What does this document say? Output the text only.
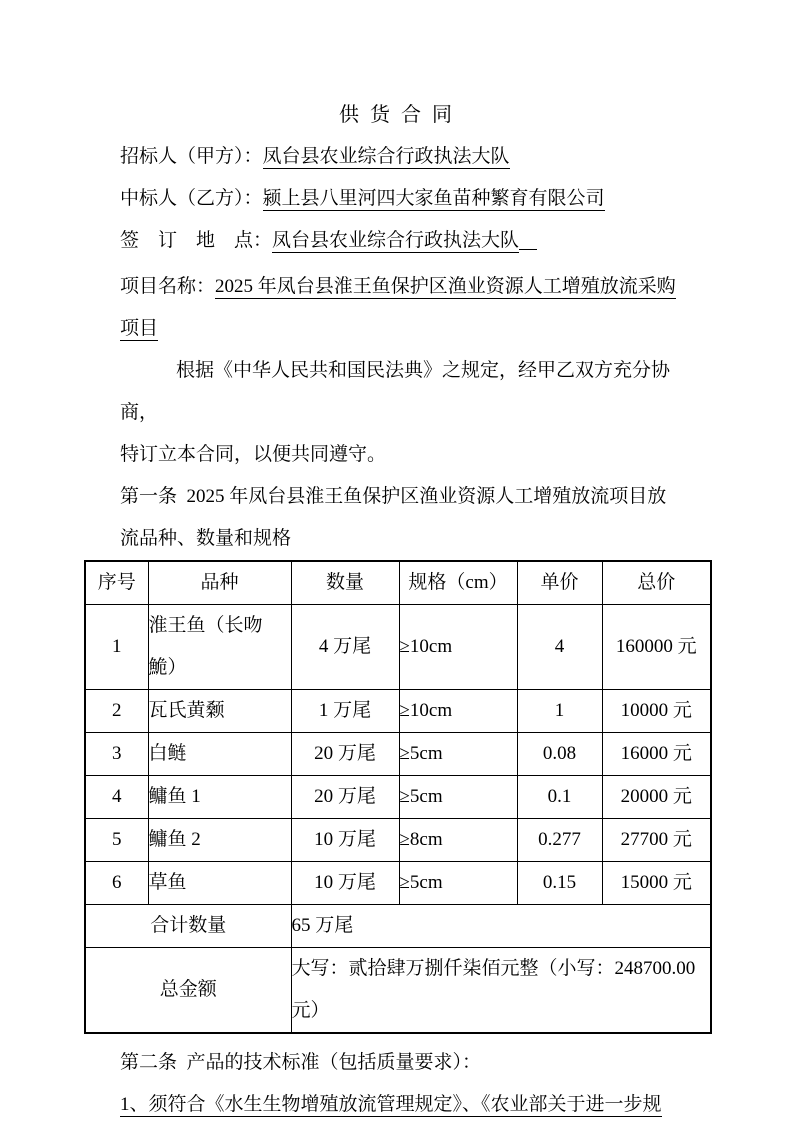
供 货 合 同
招标人（甲方）：凤台县农业综合行政执法大队
中标人（乙方）：颍上县八里河四大家鱼苗种繁育有限公司
签　订　地　点：凤台县农业综合行政执法大队
项目名称：2025 年凤台县淮王鱼保护区渔业资源人工增殖放流采购
项目
根据《中华人民共和国民法典》之规定，经甲乙双方充分协商，
特订立本合同，以便共同遵守。
第一条  2025 年凤台县淮王鱼保护区渔业资源人工增殖放流项目放
流品种、数量和规格
序号	品种	数量	规格（cm）	单价	总价
1	淮王鱼（长吻鮠）	4 万尾	≥10cm	4	160000 元
2	瓦氏黄颡	1 万尾	≥10cm	1	10000 元
3	白鲢	20 万尾	≥5cm	0.08	16000 元
4	鳙鱼 1	20 万尾	≥5cm	0.1	20000 元
5	鳙鱼 2	10 万尾	≥8cm	0.277	27700 元
6	草鱼	10 万尾	≥5cm	0.15	15000 元
合计数量		65 万尾			
总金额		大写：贰拾肆万捌仟柒佰元整（小写：248700.00 元）			
第二条  产品的技术标准（包括质量要求）：
1、须符合《水生生物增殖放流管理规定》、《农业部关于进一步规
